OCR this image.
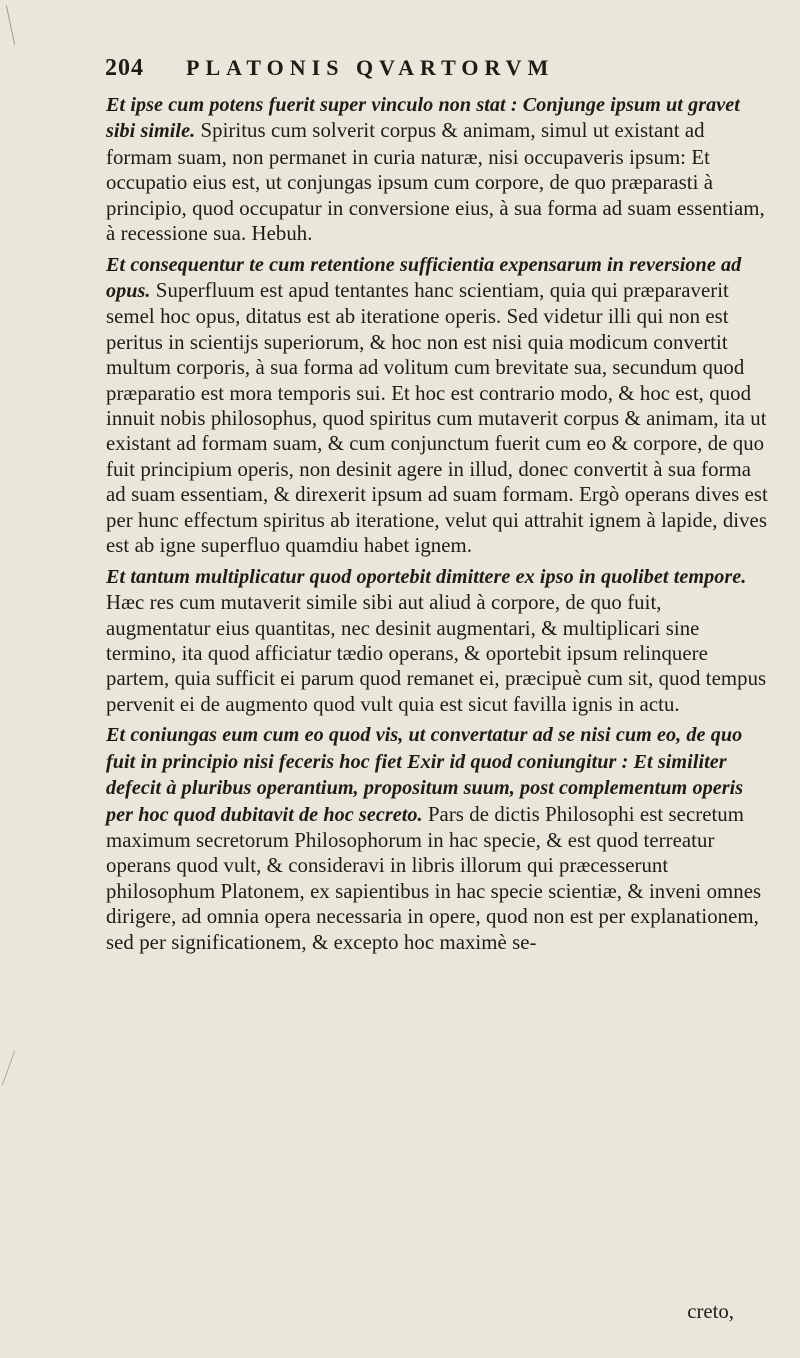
204 PLATONIS QVARTORVM

Et ipse cum potens fuerit super vinculo non stat : Conjunge ipsum ut gravet sibi simile. Spiritus cum solverit corpus & animam, simul ut existant ad formam suam, non permanet in curia naturæ, nisi occupaveris ipsum: Et occupatio eius est, ut conjungas ipsum cum corpore, de quo præparasti à principio, quod occupatur in conversione eius, à sua forma ad suam essentiam, à recessione sua. Hebuh.

Et consequentur te cum retentione sufficientia expensarum in reversione ad opus. Superfluum est apud tentantes hanc scientiam, quia qui præparaverit semel hoc opus, ditatus est ab iteratione operis. Sed videtur illi qui non est peritus in scientijs superiorum, & hoc non est nisi quia modicum convertit multum corporis, à sua forma ad volitum cum brevitate sua, secundum quod præparatio est mora temporis sui. Et hoc est contrario modo, & hoc est, quod innuit nobis philosophus, quod spiritus cum mutaverit corpus & animam, ita ut existant ad formam suam, & cum conjunctum fuerit cum eo & corpore, de quo fuit principium operis, non desinit agere in illud, donec convertit à sua forma ad suam essentiam, & direxerit ipsum ad suam formam. Ergò operans dives est per hunc effectum spiritus ab iteratione, velut qui attrahit ignem à lapide, dives est ab igne superfluo quamdiu habet ignem.

Et tantum multiplicatur quod oportebit dimittere ex ipso in quolibet tempore. Hæc res cum mutaverit simile sibi aut aliud à corpore, de quo fuit, augmentatur eius quantitas, nec desinit augmentari, & multiplicari sine termino, ita quod afficiatur tædio operans, & oportebit ipsum relinquere partem, quia sufficit ei parum quod remanet ei, præcipuè cum sit, quod tempus pervenit ei de augmento quod vult quia est sicut favilla ignis in actu.

Et coniungas eum cum eo quod vis, ut convertatur ad se nisi cum eo, de quo fuit in principio nisi feceris hoc fiet Exir id quod coniungitur : Et similiter defecit à pluribus operantium, propositum suum, post complementum operis per hoc quod dubitavit de hoc secreto. Pars de dictis Philosophi est secretum maximum secretorum Philosophorum in hac specie, & est quod terreatur operans quod vult, & consideravi in libris illorum qui præcesserunt philosophum Platonem, ex sapientibus in hac specie scientiæ, & inveni omnes dirigere, ad omnia opera necessaria in opere, quod non est per explanationem, sed per significationem, & excepto hoc maximè se-

creto,
